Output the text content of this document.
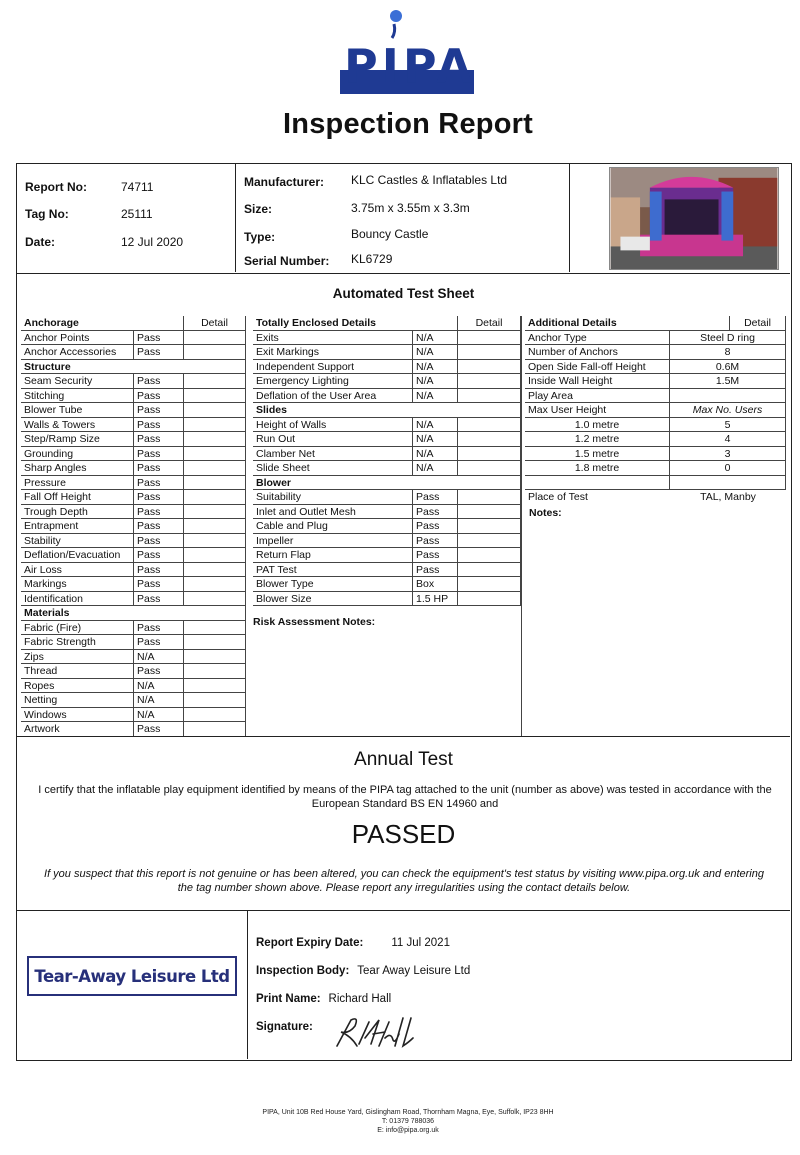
PIPA
Inspection Report
Report No:	74711
Tag No:	25111
Date:	12 Jul 2020
Manufacturer: KLC Castles & Inflatables Ltd
Size:	3.75m x 3.55m x 3.3m
Type:	Bouncy Castle
Serial Number: KL6729
Automated Test Sheet
Anchorage	Detail
Anchor Points	Pass
Anchor Accessories	Pass
Structure
Seam Security	Pass
Stitching	Pass
Blower Tube	Pass
Walls & Towers	Pass
Step/Ramp Size	Pass
Grounding	Pass
Sharp Angles	Pass
Pressure	Pass
Fall Off Height	Pass
Trough Depth	Pass
Entrapment	Pass
Stability	Pass
Deflation/Evacuation	Pass
Air Loss	Pass
Markings	Pass
Identification	Pass
Materials
Fabric (Fire)	Pass
Fabric Strength	Pass
Zips	N/A
Thread	Pass
Ropes	N/A
Netting	N/A
Windows	N/A
Artwork	Pass
Totally Enclosed Details	Detail
Exits	N/A
Exit Markings	N/A
Independent Support	N/A
Emergency Lighting	N/A
Deflation of the User Area	N/A
Slides
Height of Walls	N/A
Run Out	N/A
Clamber Net	N/A
Slide Sheet	N/A
Blower
Suitability	Pass
Inlet and Outlet Mesh	Pass
Cable and Plug	Pass
Impeller	Pass
Return Flap	Pass
PAT Test	Pass
Blower Type	Box
Blower Size	1.5 HP
Additional Details	Detail
Anchor Type	Steel D ring
Number of Anchors	8
Open Side Fall-off Height	0.6M
Inside Wall Height	1.5M
Play Area
Max User Height	Max No. Users
1.0 metre	5
1.2 metre	4
1.5 metre	3
1.8 metre	0
Place of Test	TAL, Manby
Risk Assessment Notes:
Notes:
Annual Test
I certify that the inflatable play equipment identified by means of the PIPA tag attached to the unit (number as above) was tested in accordance with the European Standard BS EN 14960 and
PASSED
If you suspect that this report is not genuine or has been altered, you can check the equipment's test status by visiting www.pipa.org.uk and entering the tag number shown above. Please report any irregularities using the contact details below.
Tear-Away Leisure Ltd
Report Expiry Date: 11 Jul 2021
Inspection Body: Tear Away Leisure Ltd
Print Name: Richard Hall
Signature:
PIPA, Unit 10B Red House Yard, Gislingham Road, Thornham Magna, Eye, Suffolk, IP23 8HH
T: 01379 788036
E: info@pipa.org.uk
